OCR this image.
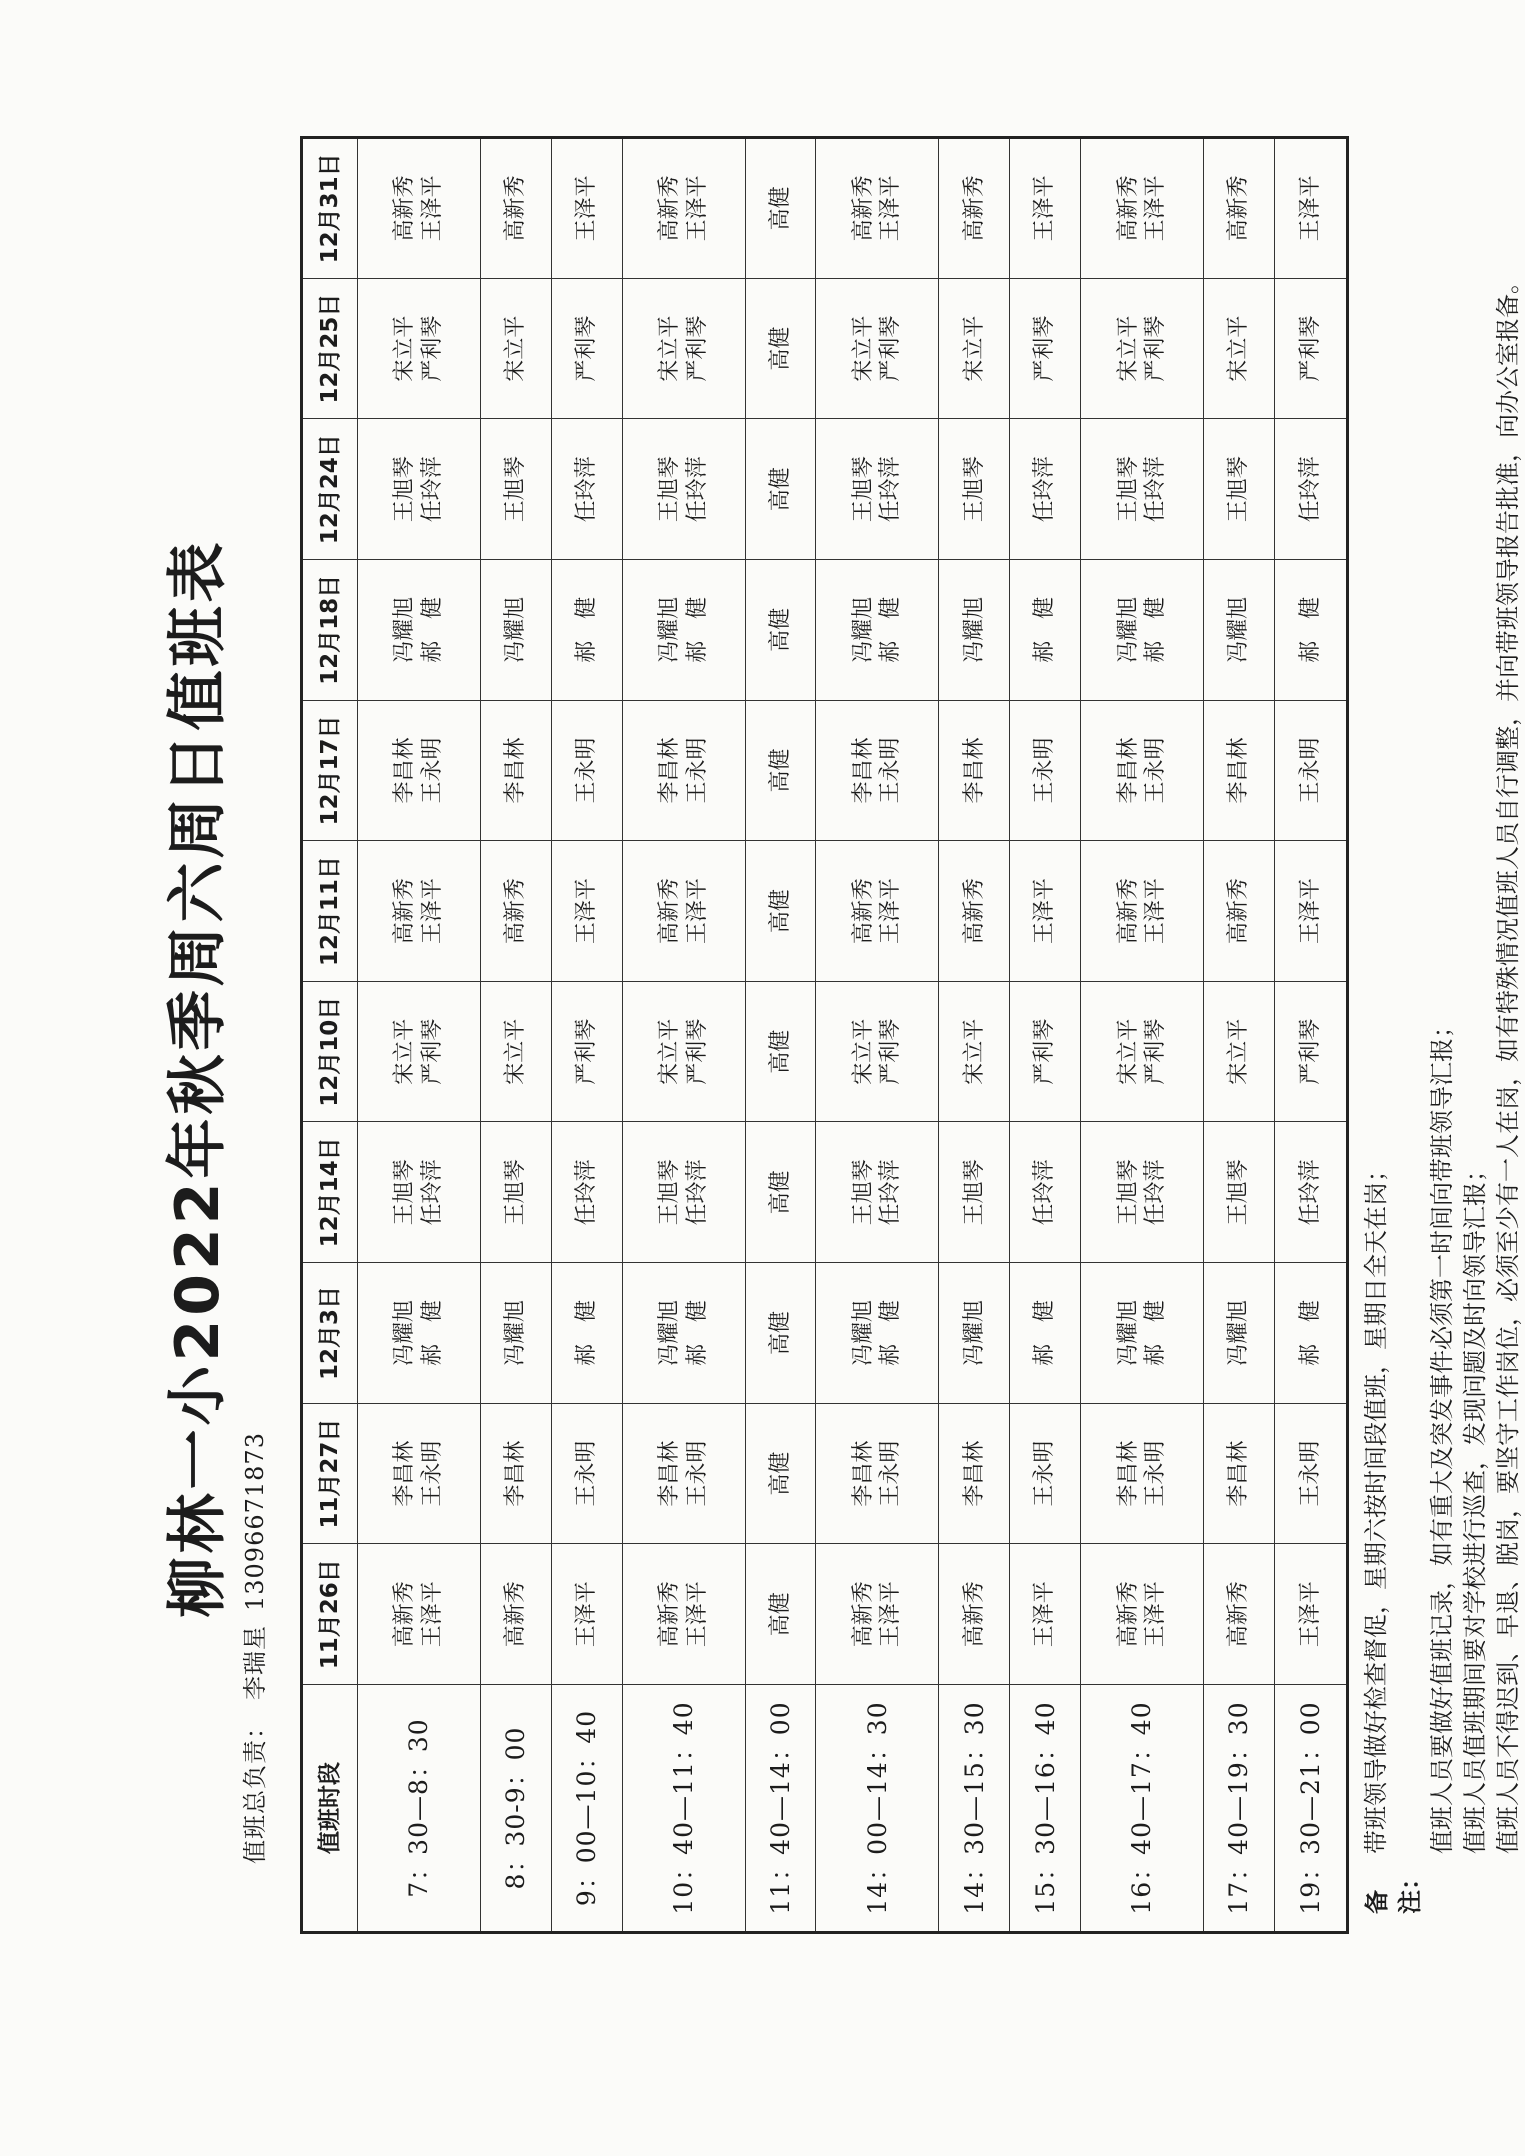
柳林一小2022年秋季周六周日值班表
值班总负责：李瑞星13096671873
值班时段	11月26日	11月27日	12月3日	12月14日	12月10日	12月11日	12月17日	12月18日	12月24日	12月25日	12月31日
7：30—8：30	高新秀 王泽平	李昌林 王永明	冯耀旭 郝　健	王旭琴 任玲萍	宋立平 严利琴	高新秀 王泽平	李昌林 王永明	冯耀旭 郝　健	王旭琴 任玲萍	宋立平 严利琴	高新秀 王泽平

8：30-9：00	高新秀	李昌林	冯耀旭	王旭琴	宋立平	高新秀	李昌林	冯耀旭	王旭琴	宋立平	高新秀

9：00—10：40	王泽平	王永明	郝　健	任玲萍	严利琴	王泽平	王永明	郝　健	任玲萍	严利琴	王泽平

10：40—11：40	高新秀 王泽平	李昌林 王永明	冯耀旭 郝　健	王旭琴 任玲萍	宋立平 严利琴	高新秀 王泽平	李昌林 王永明	冯耀旭 郝　健	王旭琴 任玲萍	宋立平 严利琴	高新秀 王泽平

11：40—14：00	高健	高健	高健	高健	高健	高健	高健	高健	高健	高健	高健

14：00—14：30	高新秀 王泽平	李昌林 王永明	冯耀旭 郝　健	王旭琴 任玲萍	宋立平 严利琴	高新秀 王泽平	李昌林 王永明	冯耀旭 郝　健	王旭琴 任玲萍	宋立平 严利琴	高新秀 王泽平

14：30—15：30	高新秀	李昌林	冯耀旭	王旭琴	宋立平	高新秀	李昌林	冯耀旭	王旭琴	宋立平	高新秀

15：30—16：40	王泽平	王永明	郝　健	任玲萍	严利琴	王泽平	王永明	郝　健	任玲萍	严利琴	王泽平

16：40—17：40	高新秀 王泽平	李昌林 王永明	冯耀旭 郝　健	王旭琴 任玲萍	宋立平 严利琴	高新秀 王泽平	李昌林 王永明	冯耀旭 郝　健	王旭琴 任玲萍	宋立平 严利琴	高新秀 王泽平

17：40—19：30	高新秀	李昌林	冯耀旭	王旭琴	宋立平	高新秀	李昌林	冯耀旭	王旭琴	宋立平	高新秀

19：30—21：00	王泽平	王永明	郝　健	任玲萍	严利琴	王泽平	王永明	郝　健	任玲萍	严利琴	王泽平
备注：
带班领导做好检查督促，星期六按时间段值班，星期日全天在岗；	值班人员要做好值班记录，如有重大及突发事件必须第一时间向带班领导汇报； 值班人员值班期间要对学校进行巡查，发现问题及时向领导汇报； 值班人员不得迟到、早退、脱岗，要坚守工作岗位，必须至少有一人在岗，如有特殊情况值班人员自行调整，并向带班领导报告批准，向办公室报备。
